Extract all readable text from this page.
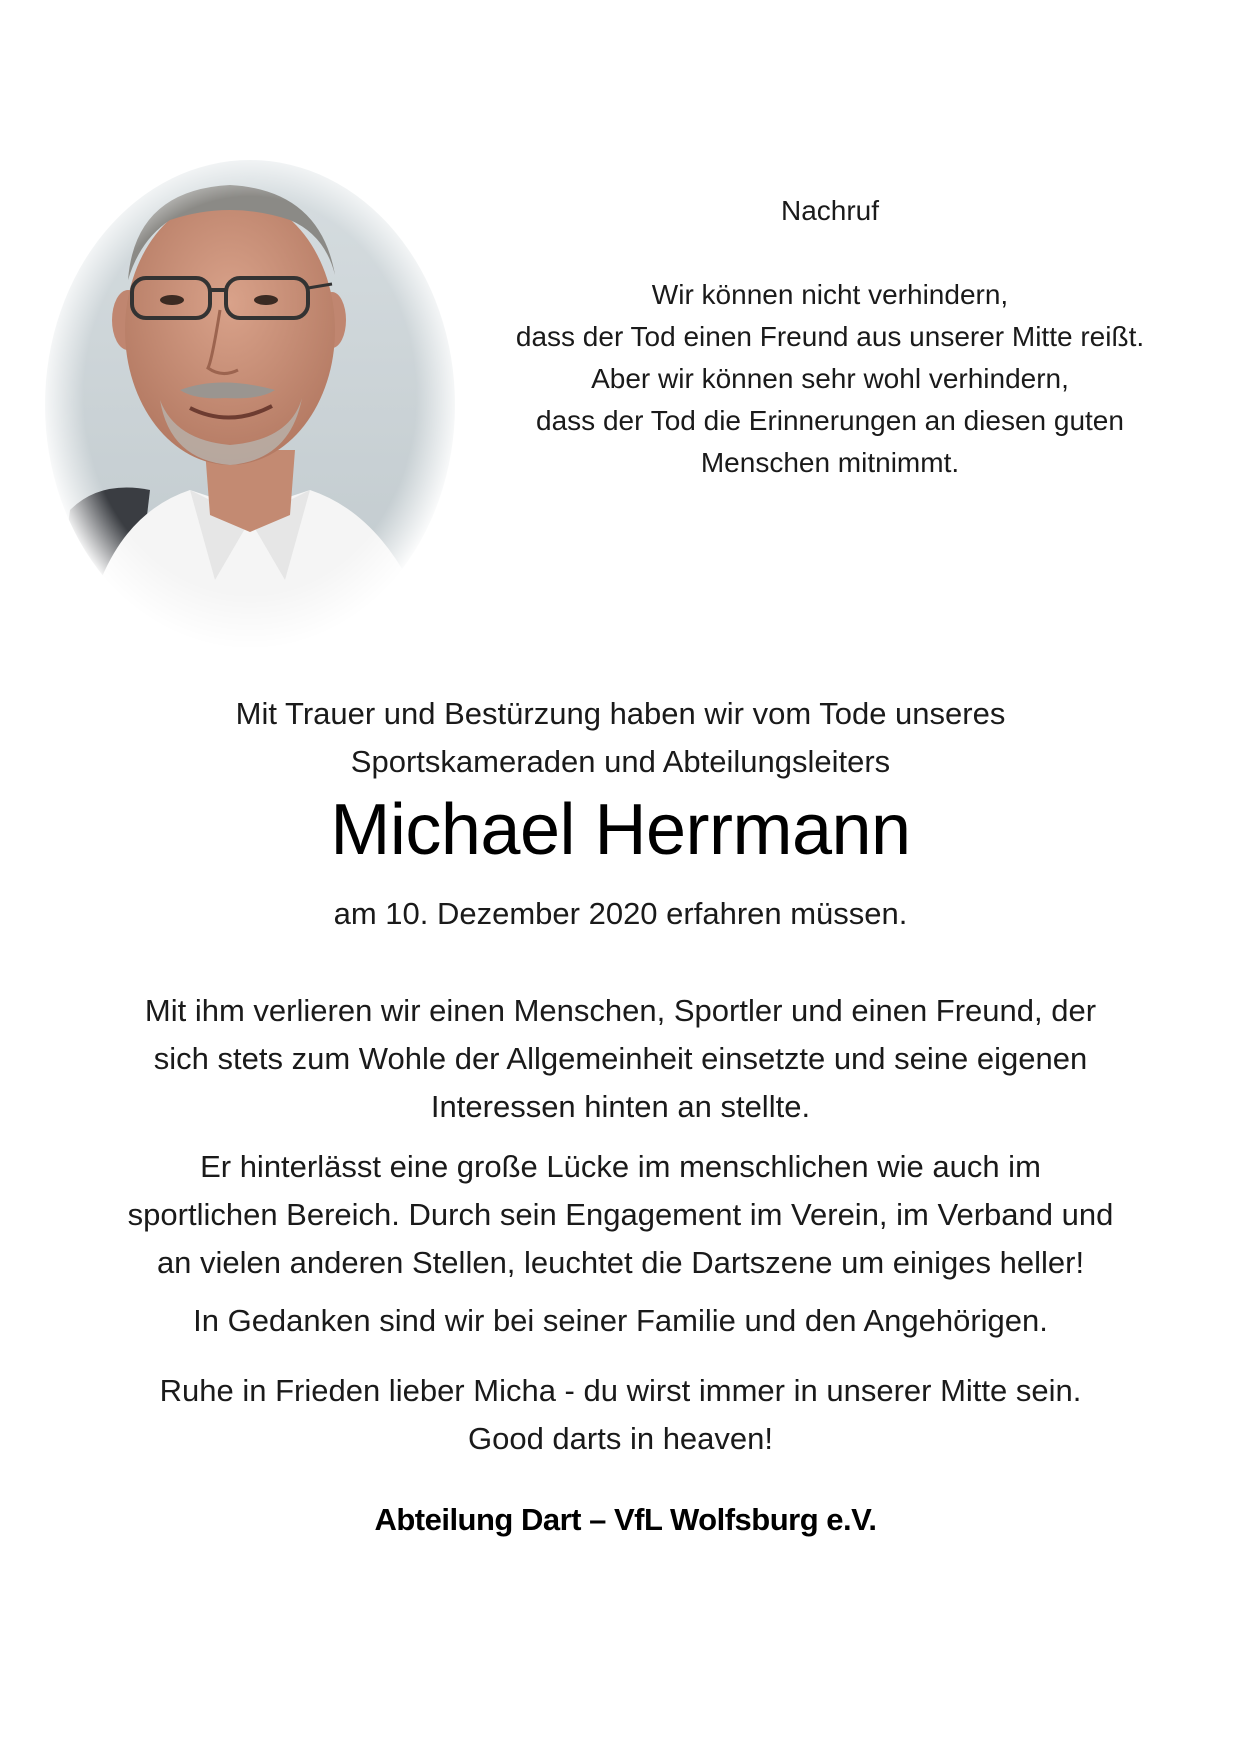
Nachruf
Wir können nicht verhindern,
dass der Tod einen Freund aus unserer Mitte reißt.
Aber wir können sehr wohl verhindern,
dass der Tod die Erinnerungen an diesen guten
Menschen mitnimmt.
Mit Trauer und Bestürzung haben wir vom Tode unseres
Sportskameraden und Abteilungsleiters
Michael Herrmann
am 10. Dezember 2020 erfahren müssen.
Mit ihm verlieren wir einen Menschen, Sportler und einen Freund, der
sich stets zum Wohle der Allgemeinheit einsetzte und seine eigenen
Interessen hinten an stellte.
Er hinterlässt eine große Lücke im menschlichen wie auch im
sportlichen Bereich. Durch sein Engagement im Verein, im Verband und
an vielen anderen Stellen, leuchtet die Dartszene um einiges heller!
In Gedanken sind wir bei seiner Familie und den Angehörigen.
Ruhe in Frieden lieber Micha - du wirst immer in unserer Mitte sein.
Good darts in heaven!
Abteilung Dart – VfL Wolfsburg e.V.
